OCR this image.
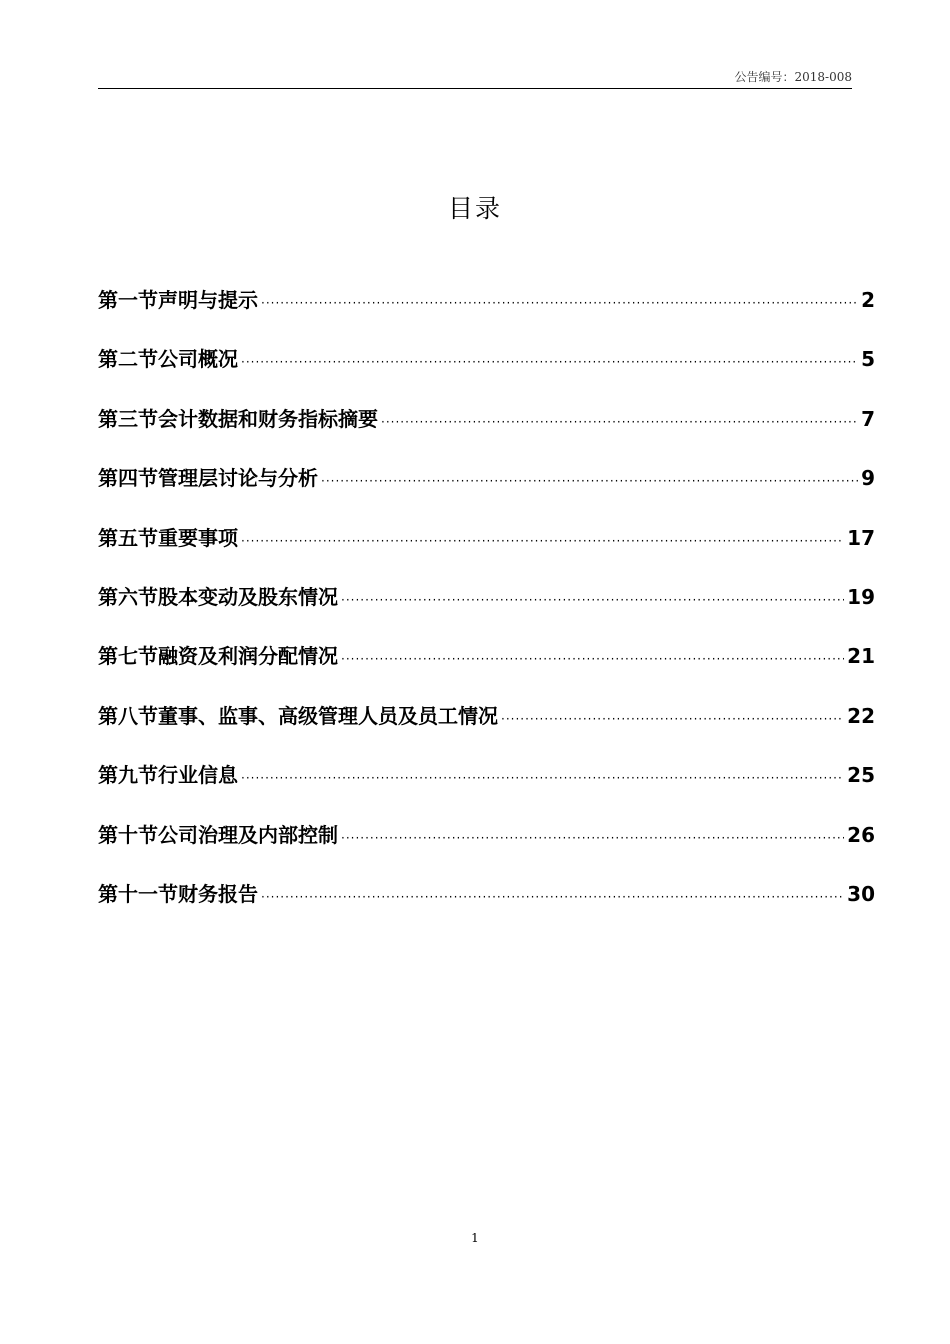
公告编号：2018-008
目录
第一节声明与提示 ·····	2
第二节公司概况 ·····	5
第三节会计数据和财务指标摘要 ·····	7
第四节管理层讨论与分析 ·····	9
第五节重要事项 ·····	17
第六节股本变动及股东情况 ·····	19
第七节融资及利润分配情况 ·····	21
第八节董事、监事、高级管理人员及员工情况 ·····	22
第九节行业信息 ·····	25
第十节公司治理及内部控制 ·····	26
第十一节财务报告 ·····	30
1
